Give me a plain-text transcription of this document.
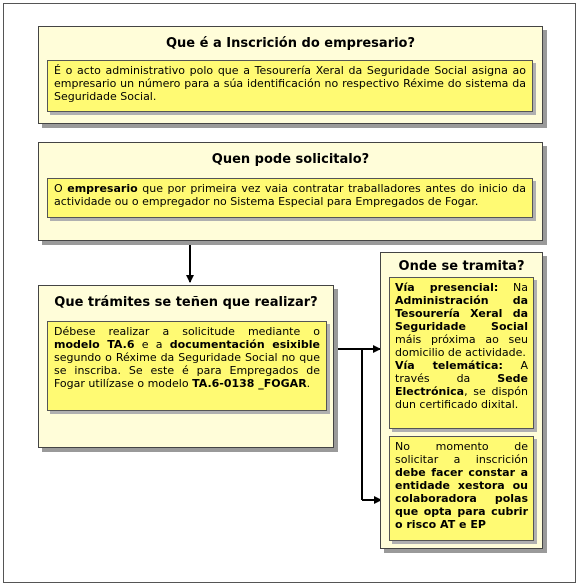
Que é a Inscrición do empresario?

É o acto administrativo polo que a Tesourería Xeral da Seguridade Social asigna ao empresario un número para a súa identificación no respectivo Réxime do sistema da Seguridade Social.

Quen pode solicitalo?

O empresario que por primeira vez vaia contratar traballadores antes do inicio da actividade ou o empregador no Sistema Especial para Empregados de Fogar.

Que trámites se teñen que realizar?

Débese realizar a solicitude mediante o modelo TA.6 e a documentación esixible segundo o Réxime da Seguridade Social no que se inscriba. Se este é para Empregados de Fogar utilízase o modelo TA.6-0138 _FOGAR.

Onde se tramita?

Vía presencial: Na Administración da Tesourería Xeral da Seguridade Social máis próxima ao seu domicilio de actividade.

Vía telemática: A través da Sede Electrónica, se dispón dun certificado dixital.

No momento de solicitar a inscrición debe facer constar a entidade xestora ou colaboradora polas que opta para cubrir o risco AT e EP
